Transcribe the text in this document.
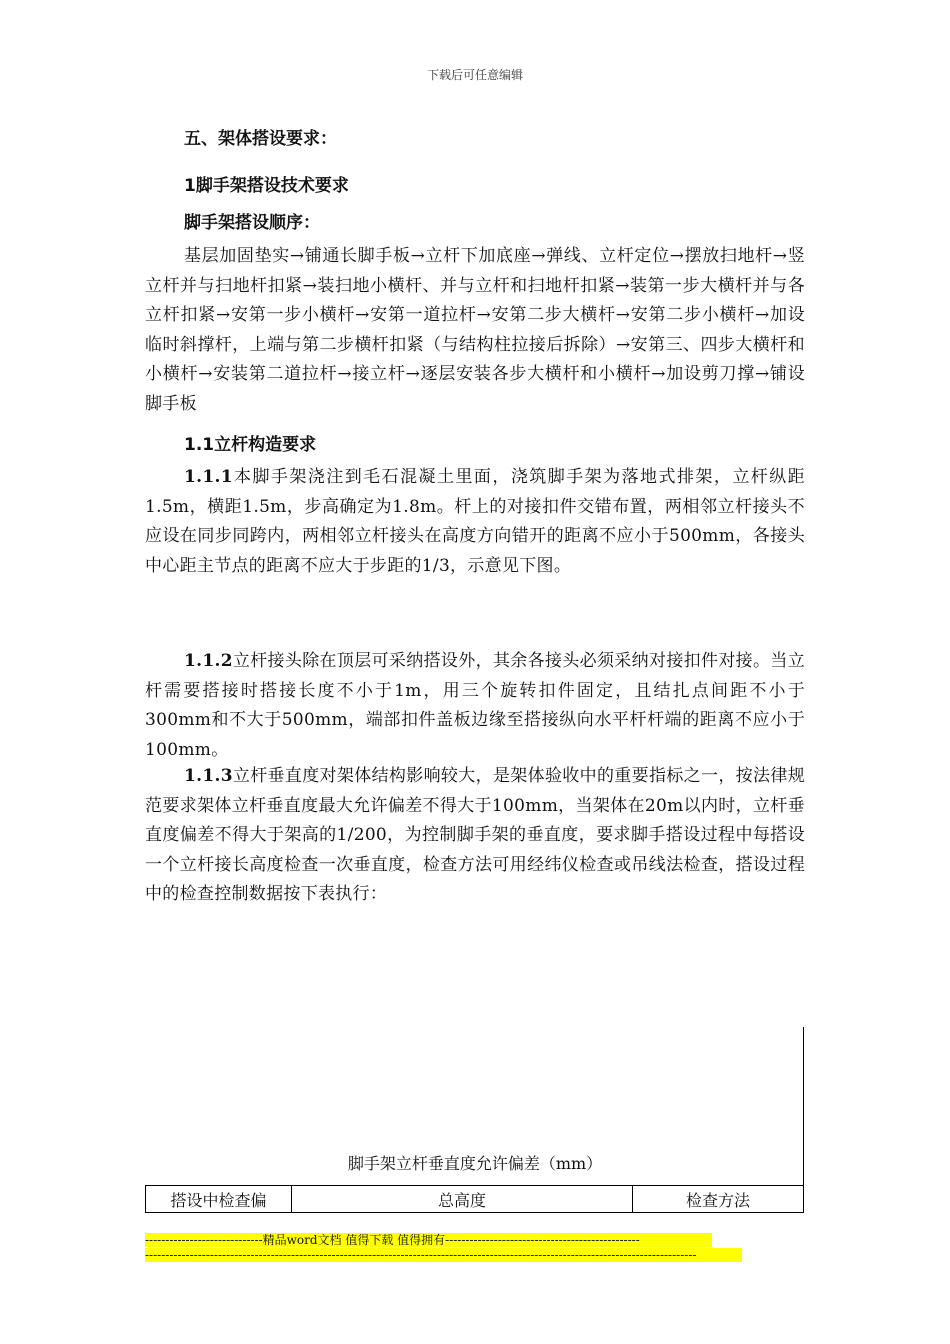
下载后可任意编辑
五、架体搭设要求：
1脚手架搭设技术要求
脚手架搭设顺序：
基层加固垫实→铺通长脚手板→立杆下加底座→弹线、立杆定位→摆放扫地杆→竖立杆并与扫地杆扣紧→装扫地小横杆、并与立杆和扫地杆扣紧→装第一步大横杆并与各立杆扣紧→安第一步小横杆→安第一道拉杆→安第二步大横杆→安第二步小横杆→加设临时斜撑杆，上端与第二步横杆扣紧（与结构柱拉接后拆除）→安第三、四步大横杆和小横杆→安装第二道拉杆→接立杆→逐层安装各步大横杆和小横杆→加设剪刀撑→铺设脚手板
1.1立杆构造要求
1.1.1本脚手架浇注到毛石混凝土里面，浇筑脚手架为落地式排架，立杆纵距1.5m，横距1.5m，步高确定为1.8m。杆上的对接扣件交错布置，两相邻立杆接头不应设在同步同跨内，两相邻立杆接头在高度方向错开的距离不应小于500mm，各接头中心距主节点的距离不应大于步距的1/3，示意见下图。
1.1.2立杆接头除在顶层可采纳搭设外，其余各接头必须采纳对接扣件对接。当立杆需要搭接时搭接长度不小于1m，用三个旋转扣件固定，且结扎点间距不小于300mm和不大于500mm，端部扣件盖板边缘至搭接纵向水平杆杆端的距离不应小于100mm。
1.1.3立杆垂直度对架体结构影响较大，是架体验收中的重要指标之一，按法律规范要求架体立杆垂直度最大允许偏差不得大于100mm，当架体在20m以内时，立杆垂直度偏差不得大于架高的1/200，为控制脚手架的垂直度，要求脚手搭设过程中每搭设一个立杆接长高度检查一次垂直度，检查方法可用经纬仪检查或吊线法检查，搭设过程中的检查控制数据按下表执行：
脚手架立杆垂直度允许偏差（mm）
搭设中检查偏	总高度	检查方法
-----------------------------精品word文档 值得下载 值得拥有------------------------------------------------
----------------------------------------------------------------------------------------------------------------------------------------
